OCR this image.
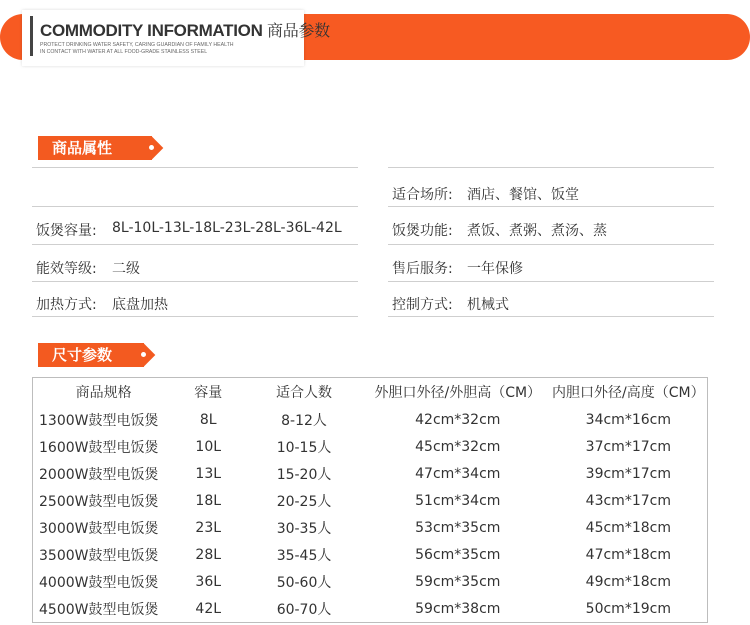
COMMODITY INFORMATION 商品参数
PROTECT DRINKING WATER SAFETY, CARING GUARDIAN OF FAMILY HEALTH
IN CONTACT WITH WATER AT ALL FOOD-GRADE STAINLESS STEEL
商品属性
饭煲容量: 8L-10L-13L-18L-23L-28L-36L-42L
能效等级: 二级
加热方式: 底盘加热
适合场所: 酒店、餐馆、饭堂
饭煲功能: 煮饭、煮粥、煮汤、蒸
售后服务: 一年保修
控制方式: 机械式
尺寸参数
商品规格	容量	适合人数	外胆口外径/外胆高（CM）	内胆口外径/高度（CM）
1300W鼓型电饭煲	8L	8-12人	42cm*32cm	34cm*16cm
1600W鼓型电饭煲	10L	10-15人	45cm*32cm	37cm*17cm
2000W鼓型电饭煲	13L	15-20人	47cm*34cm	39cm*17cm
2500W鼓型电饭煲	18L	20-25人	51cm*34cm	43cm*17cm
3000W鼓型电饭煲	23L	30-35人	53cm*35cm	45cm*18cm
3500W鼓型电饭煲	28L	35-45人	56cm*35cm	47cm*18cm
4000W鼓型电饭煲	36L	50-60人	59cm*35cm	49cm*18cm
4500W鼓型电饭煲	42L	60-70人	59cm*38cm	50cm*19cm
